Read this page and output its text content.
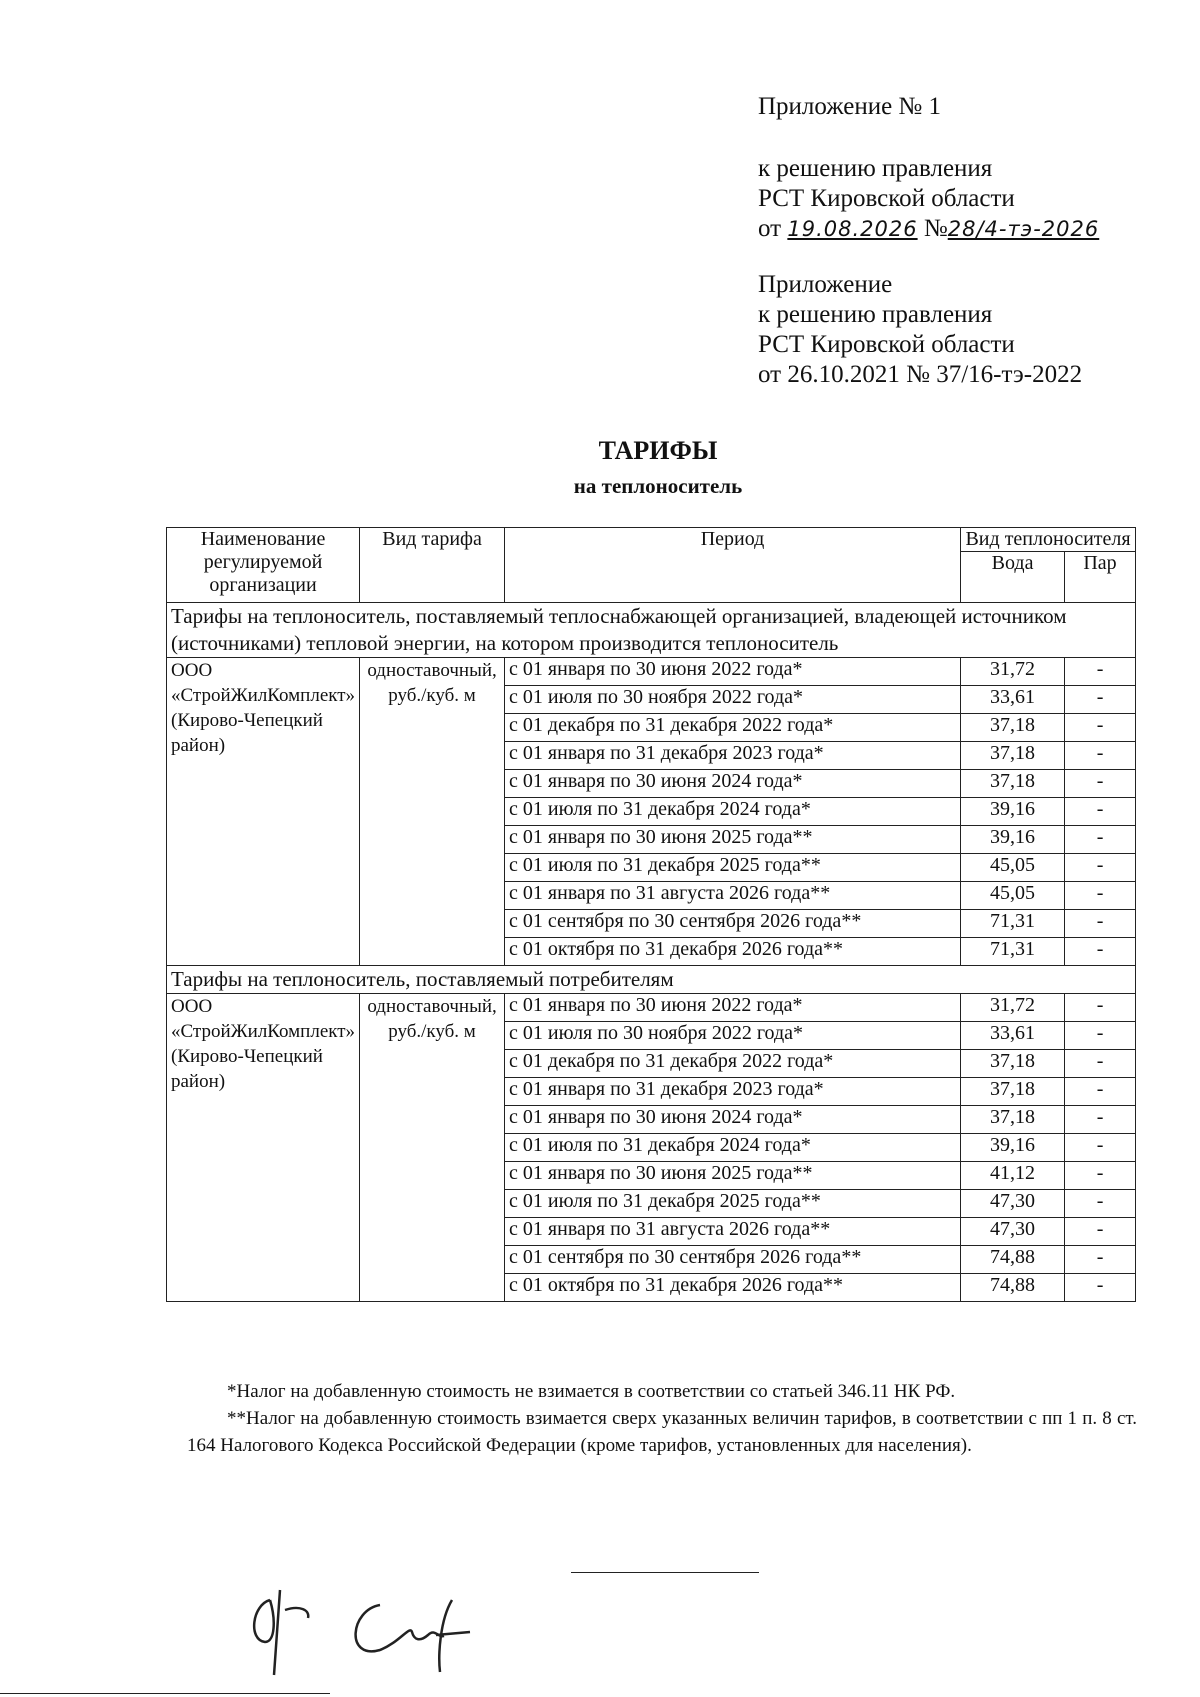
Приложение № 1
к решению правления
РСТ Кировской области
от 19.08.2026 №28/4-тэ-2026
Приложение
к решению правления
РСТ Кировской области
от 26.10.2021 № 37/16-тэ-2022
ТАРИФЫ
на теплоноситель
Наименование регулируемой организации	Вид тарифа	Период	Вид теплоносителя	
			Вода	Пар
Тарифы на теплоноситель, поставляемый теплоснабжающей организацией, владеющей источником (источниками) тепловой энергии, на котором производится теплоноситель				
ООО «СтройЖилКомплект» (Кирово-Чепецкий район)	одноставочный, руб./куб. м	с 01 января по 30 июня 2022 года*	31,72	-
		с 01 июля по 30 ноября 2022 года*	33,61	-
		с 01 декабря по 31 декабря 2022 года*	37,18	-
		с 01 января по 31 декабря 2023 года*	37,18	-
		с 01 января по 30 июня 2024 года*	37,18	-
		с 01 июля по 31 декабря 2024 года*	39,16	-
		с 01 января по 30 июня 2025 года**	39,16	-
		с 01 июля по 31 декабря 2025 года**	45,05	-
		с 01 января по 31 августа 2026 года**	45,05	-
		с 01 сентября по 30 сентября 2026 года**	71,31	-
		с 01 октября по 31 декабря 2026 года**	71,31	-
Тарифы на теплоноситель, поставляемый потребителям				
ООО «СтройЖилКомплект» (Кирово-Чепецкий район)	одноставочный, руб./куб. м	с 01 января по 30 июня 2022 года*	31,72	-
		с 01 июля по 30 ноября 2022 года*	33,61	-
		с 01 декабря по 31 декабря 2022 года*	37,18	-
		с 01 января по 31 декабря 2023 года*	37,18	-
		с 01 января по 30 июня 2024 года*	37,18	-
		с 01 июля по 31 декабря 2024 года*	39,16	-
		с 01 января по 30 июня 2025 года**	41,12	-
		с 01 июля по 31 декабря 2025 года**	47,30	-
		с 01 января по 31 августа 2026 года**	47,30	-
		с 01 сентября по 30 сентября 2026 года**	74,88	-
		с 01 октября по 31 декабря 2026 года**	74,88	-

*Налог на добавленную стоимость не взимается в соответствии со статьей 346.11 НК РФ.

**Налог на добавленную стоимость взимается сверх указанных величин тарифов, в соответствии с пп 1 п. 8 ст. 164 Налогового Кодекса Российской Федерации (кроме тарифов, установленных для населения).
